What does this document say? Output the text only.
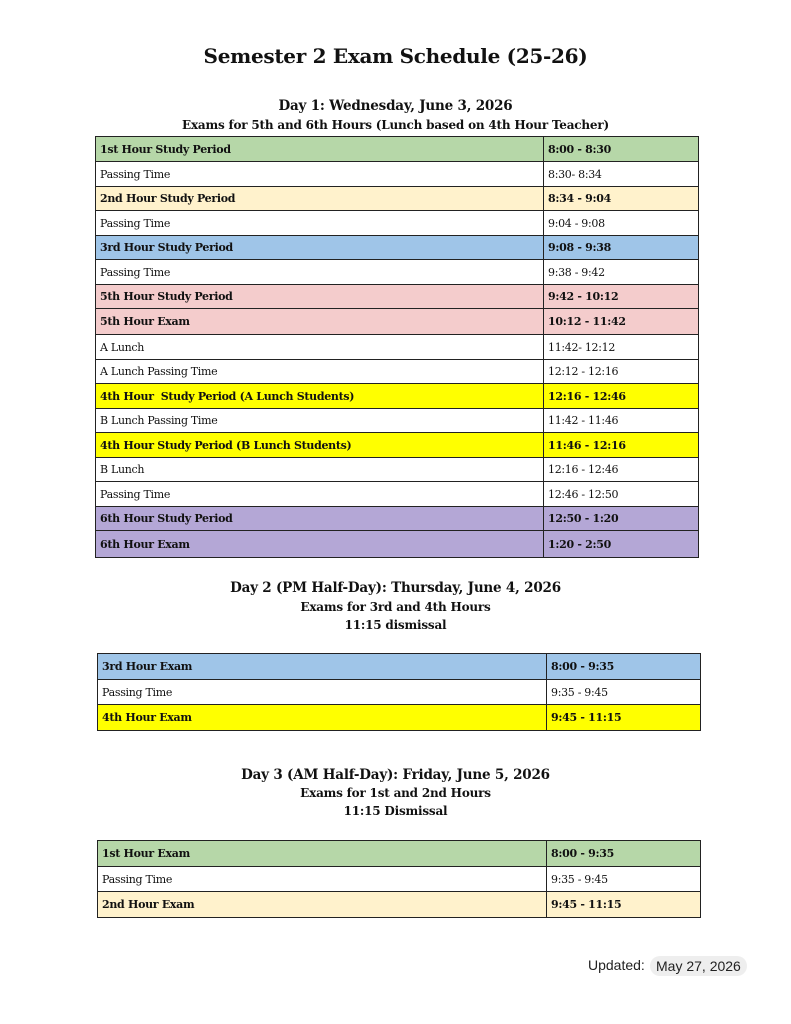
Semester 2 Exam Schedule (25-26)
Day 1: Wednesday, June 3, 2026
Exams for 5th and 6th Hours (Lunch based on 4th Hour Teacher)
1st Hour Study Period	8:00 - 8:30
Passing Time	8:30- 8:34
2nd Hour Study Period	8:34 - 9:04
Passing Time	9:04 - 9:08
3rd Hour Study Period	9:08 - 9:38
Passing Time	9:38 - 9:42
5th Hour Study Period	9:42 - 10:12
5th Hour Exam	10:12 - 11:42
A Lunch	11:42- 12:12
A Lunch Passing Time	12:12 - 12:16
4th Hour  Study Period (A Lunch Students)	12:16 - 12:46
B Lunch Passing Time	11:42 - 11:46
4th Hour Study Period (B Lunch Students)	11:46 - 12:16
B Lunch	12:16 - 12:46
Passing Time	12:46 - 12:50
6th Hour Study Period	12:50 - 1:20
6th Hour Exam	1:20 - 2:50
Day 2 (PM Half-Day): Thursday, June 4, 2026
Exams for 3rd and 4th Hours
11:15 dismissal
3rd Hour Exam	8:00 - 9:35
Passing Time	9:35 - 9:45
4th Hour Exam	9:45 - 11:15
Day 3 (AM Half-Day): Friday, June 5, 2026
Exams for 1st and 2nd Hours
11:15 Dismissal
1st Hour Exam	8:00 - 9:35
Passing Time	9:35 - 9:45
2nd Hour Exam	9:45 - 11:15
Updated: May 27, 2026
